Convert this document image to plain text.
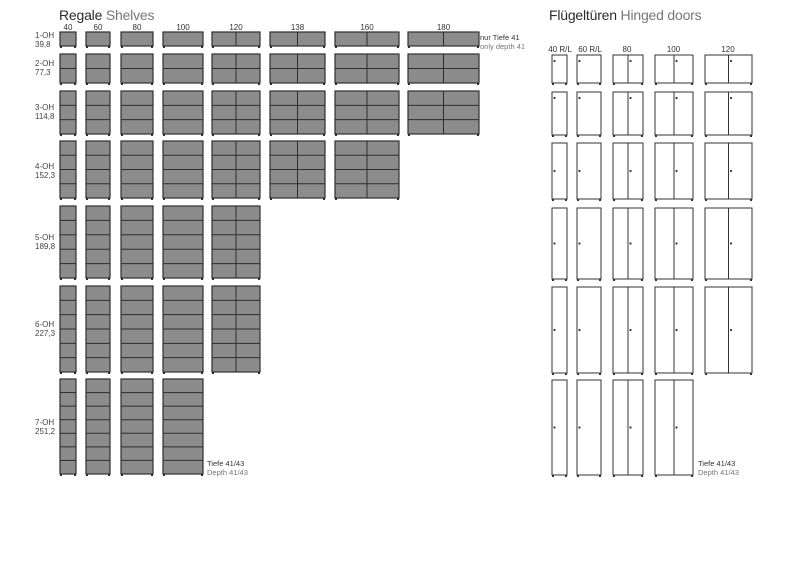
Regale Shelves	Flügeltüren Hinged doors
40	60	80	100	120	138	160	180
40 R/L 60 R/L	80	100	120
1-OH
39,8
2-OH
77,3
3-OH
114,8
4-OH
152,3
5-OH
189,8
6-OH
227,3
7-OH
251,2
nur Tiefe 41
only depth 41
Tiefe 41/43
Depth 41/43
Tiefe 41/43
Depth 41/43
